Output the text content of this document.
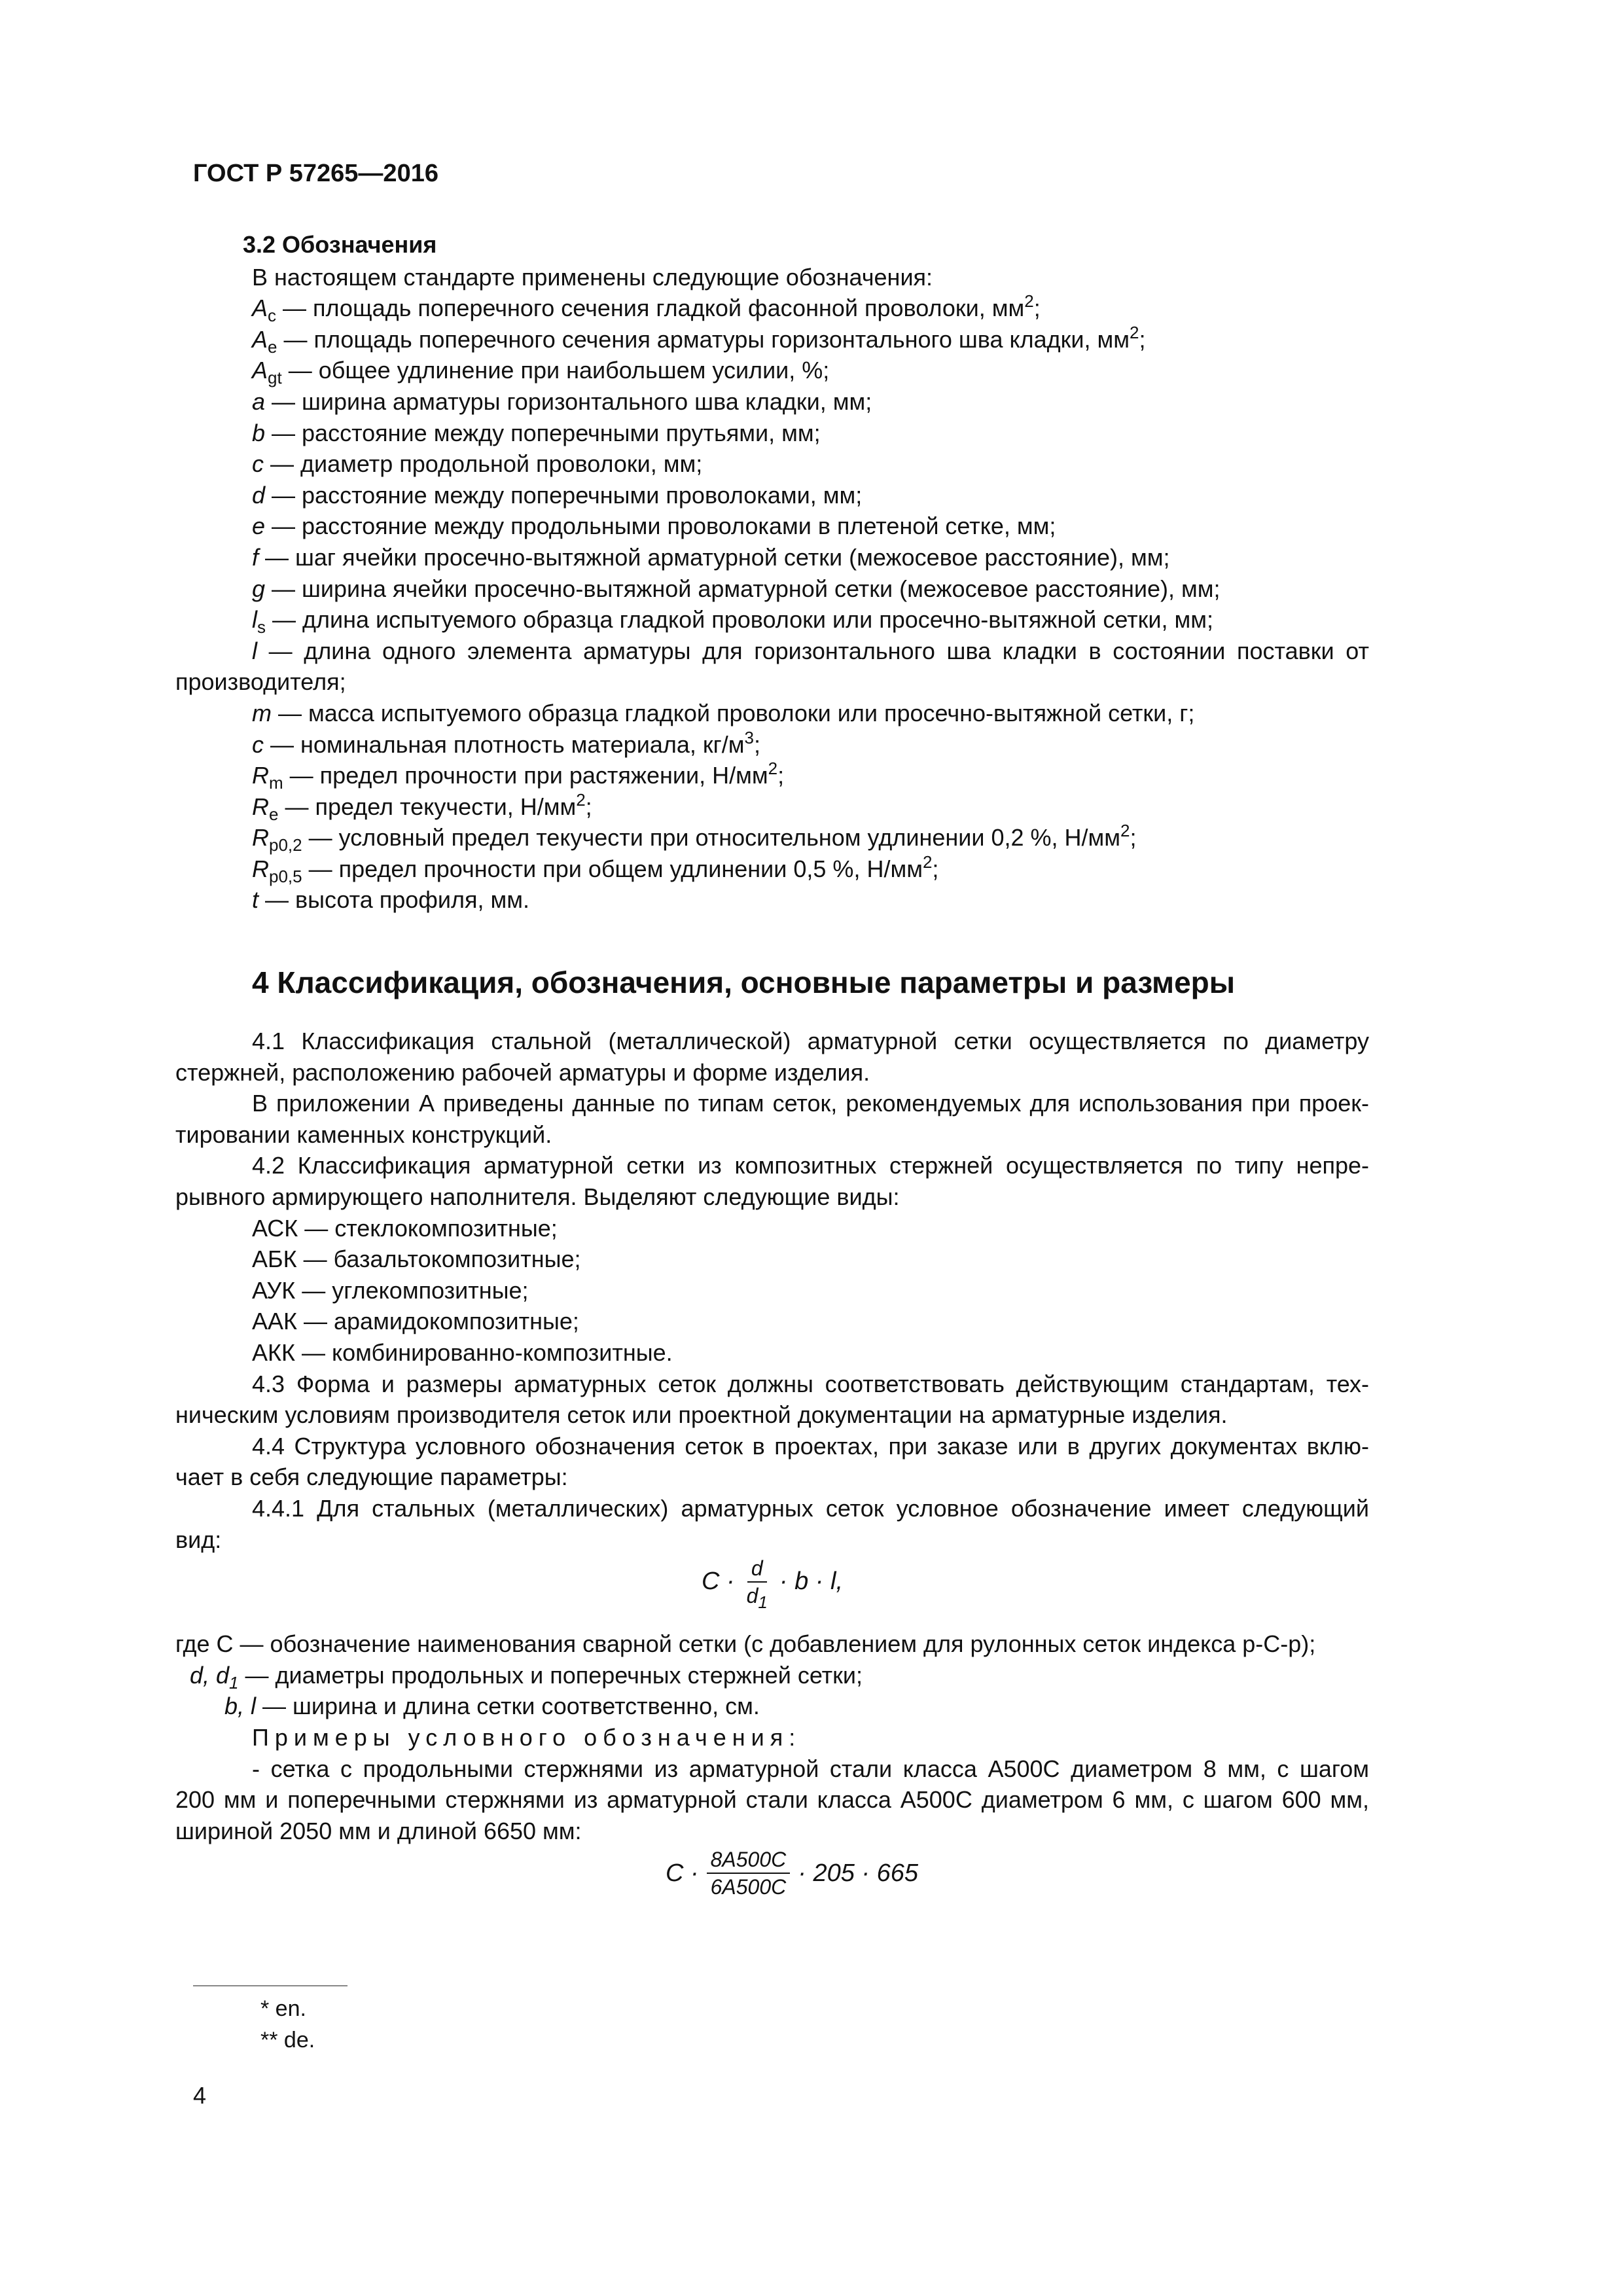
ГОСТ Р 57265—2016
3.2 Обозначения

В настоящем стандарте применены следующие обозначения:

$A_c$ — площадь поперечного сечения гладкой фасонной проволоки, $мм^2$;

$A_e$ — площадь поперечного сечения арматуры горизонтального шва кладки, $мм^2$;

$A_{gt}$ — общее удлинение при наибольшем усилии, %;

a — ширина арматуры горизонтального шва кладки, мм;

b — расстояние между поперечными прутьями, мм;

c — диаметр продольной проволоки, мм;

d — расстояние между поперечными проволоками, мм;

e — расстояние между продольными проволоками в плетеной сетке, мм;

f — шаг ячейки просечно-вытяжной арматурной сетки (межосевое расстояние), мм;

g — ширина ячейки просечно-вытяжной арматурной сетки (межосевое расстояние), мм;

$l_s$ — длина испытуемого образца гладкой проволоки или просечно-вытяжной сетки, мм;

l — длина одного элемента арматуры для горизонтального шва кладки в состоянии поставки от

производителя;

m — масса испытуемого образца гладкой проволоки или просечно-вытяжной сетки, г;

c — номинальная плотность материала, $кг/м^3$;

$R_m$ — предел прочности при растяжении, $Н/мм^2$;

$R_e$ — предел текучести, $Н/мм^2$;

$R_{p0,2}$ — условный предел текучести при относительном удлинении 0,2 %, $Н/мм^2$;

$R_{p0,5}$ — предел прочности при общем удлинении 0,5 %, $Н/мм^2$;

t — высота профиля, мм.

4 Классификация, обозначения, основные параметры и размеры

4.1 Классификация стальной (металлической) арматурной сетки осуществляется по диаметру

стержней, расположению рабочей арматуры и форме изделия.

В приложении А приведены данные по типам сеток, рекомендуемых для использования при проек-

тировании каменных конструкций.

4.2 Классификация арматурной сетки из композитных стержней осуществляется по типу непре-

рывного армирующего наполнителя. Выделяют следующие виды:

АСК — стеклокомпозитные;

АБК — базальтокомпозитные;

АУК — углекомпозитные;

ААК — арамидокомпозитные;

АКК — комбинированно-композитные.

4.3 Форма и размеры арматурных сеток должны соответствовать действующим стандартам, тех-

ническим условиям производителя сеток или проектной документации на арматурные изделия.

4.4 Структура условного обозначения сеток в проектах, при заказе или в других документах вклю-

чает в себя следующие параметры:

4.4.1 Для стальных (металлических) арматурных сеток условное обозначение имеет следующий

вид:

$С \cdot \frac{d}{d_1} \cdot b \cdot l$,

где С — обозначение наименования сварной сетки (с добавлением для рулонных сеток индекса р-С-р);

d, $d_1$ — диаметры продольных и поперечных стержней сетки;

b, l — ширина и длина сетки соответственно, см.

Примеры условного обозначения:

- сетка с продольными стержнями из арматурной стали класса А500С диаметром 8 мм, с шагом

200 мм и поперечными стержнями из арматурной стали класса А500С диаметром 6 мм, с шагом 600 мм,

шириной 2050 мм и длиной 6650 мм:

$С \cdot \frac{8А500С}{6А500С} \cdot 205 \cdot 665$
* en.
** de.
4
